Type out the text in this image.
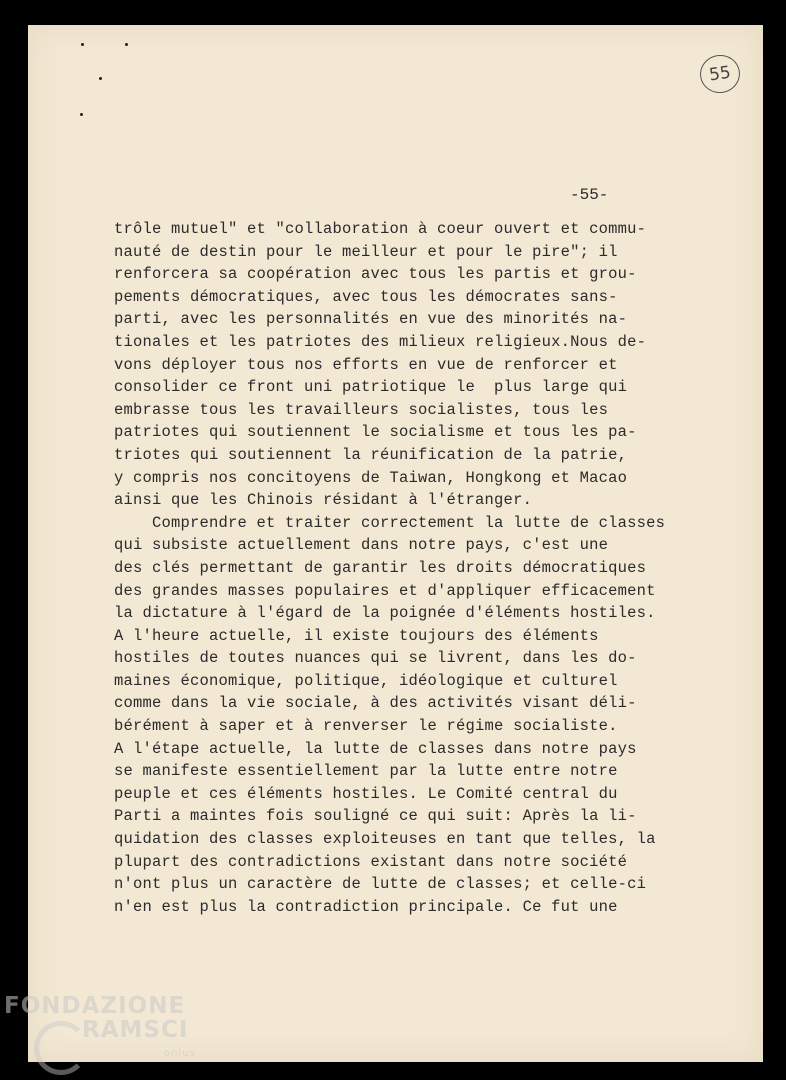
55
-55-
trôle mutuel" et "collaboration à coeur ouvert et commu-
nauté de destin pour le meilleur et pour le pire"; il
renforcera sa coopération avec tous les partis et grou-
pements démocratiques, avec tous les démocrates sans-
parti, avec les personnalités en vue des minorités na-
tionales et les patriotes des milieux religieux.Nous de-
vons déployer tous nos efforts en vue de renforcer et
consolider ce front uni patriotique le  plus large qui
embrasse tous les travailleurs socialistes, tous les
patriotes qui soutiennent le socialisme et tous les pa-
triotes qui soutiennent la réunification de la patrie,
y compris nos concitoyens de Taiwan, Hongkong et Macao
ainsi que les Chinois résidant à l'étranger.
Comprendre et traiter correctement la lutte de classes
qui subsiste actuellement dans notre pays, c'est une
des clés permettant de garantir les droits démocratiques
des grandes masses populaires et d'appliquer efficacement
la dictature à l'égard de la poignée d'éléments hostiles.
A l'heure actuelle, il existe toujours des éléments
hostiles de toutes nuances qui se livrent, dans les do-
maines économique, politique, idéologique et culturel
comme dans la vie sociale, à des activités visant déli-
bérément à saper et à renverser le régime socialiste.
A l'étape actuelle, la lutte de classes dans notre pays
se manifeste essentiellement par la lutte entre notre
peuple et ces éléments hostiles. Le Comité central du
Parti a maintes fois souligné ce qui suit: Après la li-
quidation des classes exploiteuses en tant que telles, la
plupart des contradictions existant dans notre société
n'ont plus un caractère de lutte de classes; et celle-ci
n'en est plus la contradiction principale. Ce fut une
FONDAZIONE
RAMSCI
onlus
